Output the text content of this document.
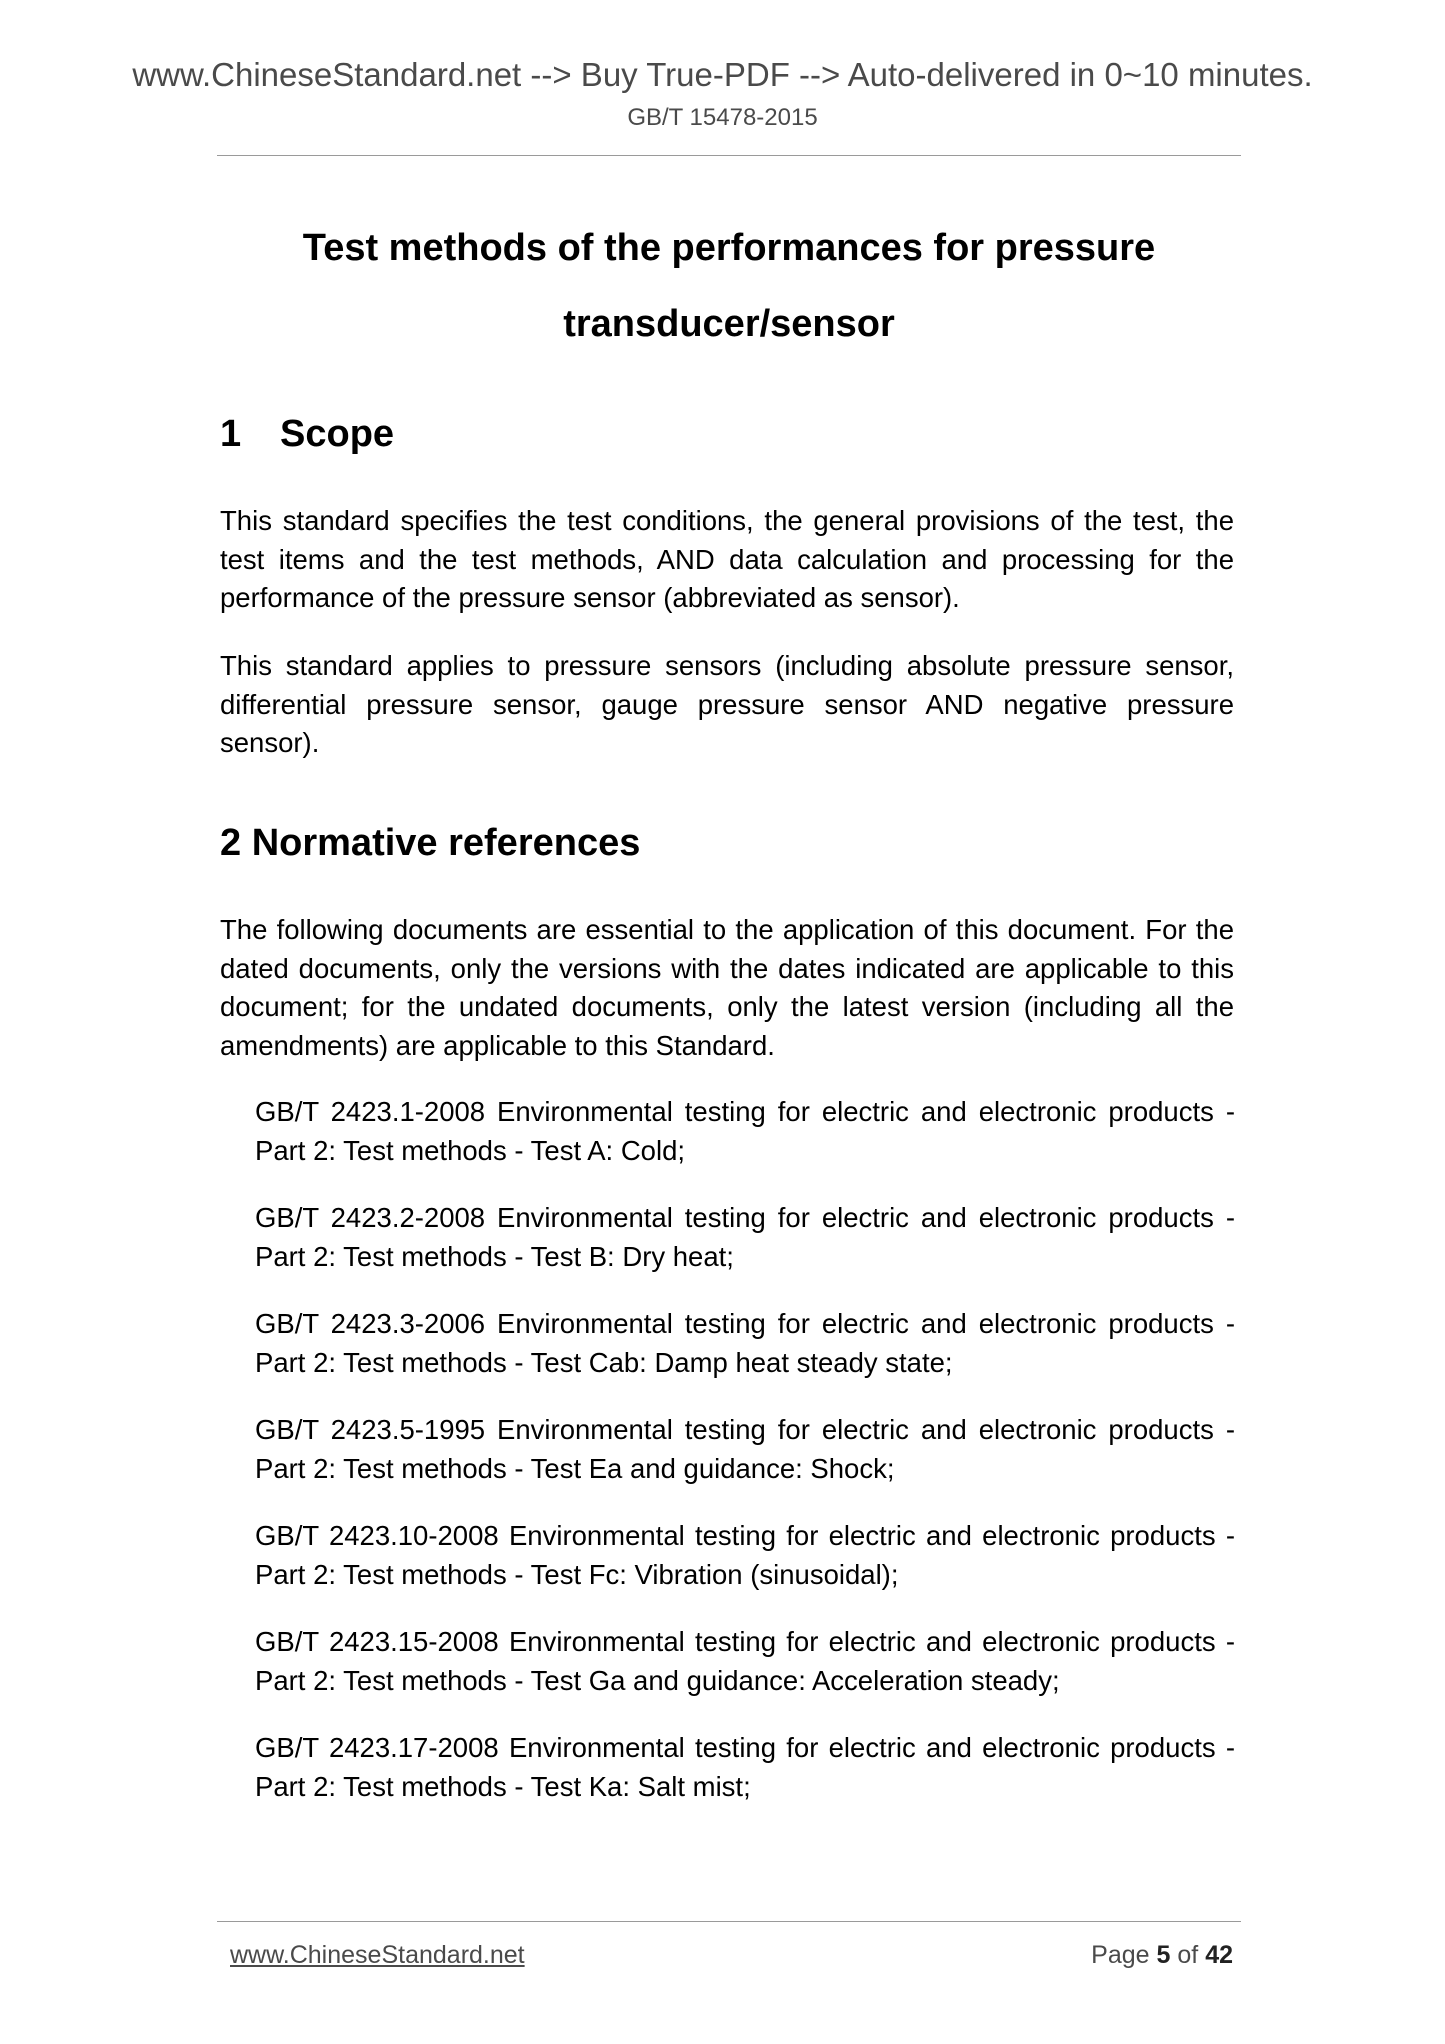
www.ChineseStandard.net --> Buy True-PDF --> Auto-delivered in 0~10 minutes.
GB/T 15478-2015
Test methods of the performances for pressure
transducer/sensor
1 Scope
This standard specifies the test conditions, the general provisions of the test, the test items and the test methods, AND data calculation and processing for the performance of the pressure sensor (abbreviated as sensor).
This standard applies to pressure sensors (including absolute pressure sensor, differential pressure sensor, gauge pressure sensor AND negative pressure sensor).
2 Normative references
The following documents are essential to the application of this document. For the dated documents, only the versions with the dates indicated are applicable to this document; for the undated documents, only the latest version (including all the amendments) are applicable to this Standard.
GB/T 2423.1-2008 Environmental testing for electric and electronic products - Part 2: Test methods - Test A: Cold;
GB/T 2423.2-2008 Environmental testing for electric and electronic products - Part 2: Test methods - Test B: Dry heat;
GB/T 2423.3-2006 Environmental testing for electric and electronic products - Part 2: Test methods - Test Cab: Damp heat steady state;
GB/T 2423.5-1995 Environmental testing for electric and electronic products - Part 2: Test methods - Test Ea and guidance: Shock;
GB/T 2423.10-2008 Environmental testing for electric and electronic products - Part 2: Test methods - Test Fc: Vibration (sinusoidal);
GB/T 2423.15-2008 Environmental testing for electric and electronic products - Part 2: Test methods - Test Ga and guidance: Acceleration steady;
GB/T 2423.17-2008 Environmental testing for electric and electronic products - Part 2: Test methods - Test Ka: Salt mist;
www.ChineseStandard.net	Page 5 of 42
